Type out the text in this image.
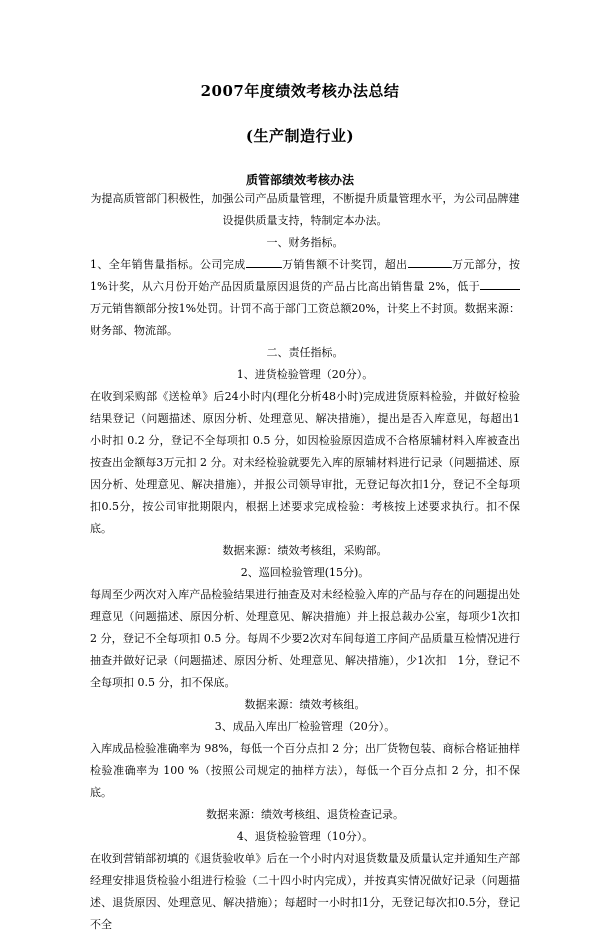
2007年度绩效考核办法总结
(生产制造行业)
质管部绩效考核办法

为提高质管部门积极性，加强公司产品质量管理，不断提升质量管理水平，为公司品牌建设提供质量支持，特制定本办法。

一、财务指标。

1、全年销售量指标。公司完成	万销售额不计奖罚，超出	万元部分，按1%计奖，从六月份开始产品因质量原因退货的产品占比高出销售量 2%，低于万元销售额部分按1%处罚。计罚不高于部门工资总额20%，计奖上不封顶。数据来源：财务部、物流部。

二、责任指标。

1、进货检验管理（20分）。

在收到采购部《送检单》后24小时内(理化分析48小时)完成进货原料检验，并做好检验结果登记（问题描述、原因分析、处理意见、解决措施），提出是否入库意见，每超出1小时扣 0.2 分，登记不全每项扣 0.5 分，如因检验原因造成不合格原辅材料入库被查出按查出金额每3万元扣 2 分。对未经检验就要先入库的原辅材料进行记录（问题描述、原因分析、处理意见、解决措施），并报公司领导审批，无登记每次扣1分，登记不全每项扣0.5分，按公司审批期限内，根据上述要求完成检验：考核按上述要求执行。扣不保底。

数据来源：绩效考核组，采购部。

2、巡回检验管理(15分)。

每周至少两次对入库产品检验结果进行抽查及对未经检验入库的产品与存在的问题提出处理意见（问题描述、原因分析、处理意见、解决措施）并上报总裁办公室，每项少1次扣 2 分，登记不全每项扣 0.5 分。每周不少要2次对车间每道工序间产品质量互检情况进行抽查并做好记录（问题描述、原因分析、处理意见、解决措施），少1次扣　1分，登记不全每项扣 0.5 分，扣不保底。

数据来源：绩效考核组。

3、成品入库出厂检验管理（20分）。

入库成品检验准确率为 98%，每低一个百分点扣 2 分；出厂货物包装、商标合格证抽样检验准确率为 100 %（按照公司规定的抽样方法），每低一个百分点扣 2 分，扣不保底。

数据来源：绩效考核组、退货检查记录。

4、退货检验管理（10分）。

在收到营销部初填的《退货验收单》后在一个小时内对退货数量及质量认定并通知生产部经理安排退货检验小组进行检验（二十四小时内完成），并按真实情况做好记录（问题描述、退货原因、处理意见、解决措施）；每超时一小时扣1分，无登记每次扣0.5分，登记不全
